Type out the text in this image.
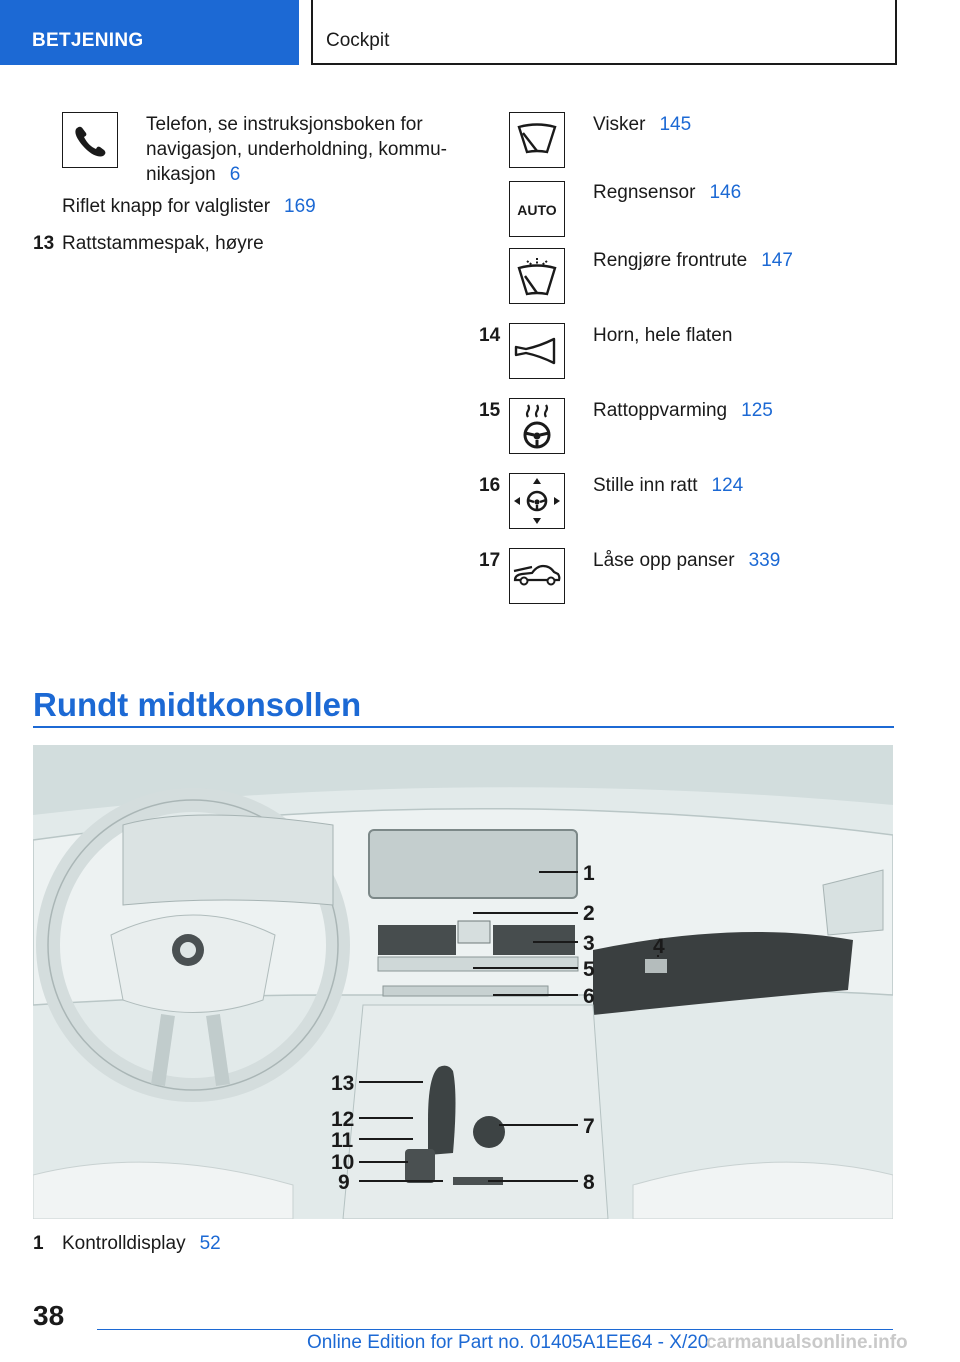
BETJENING	Cockpit
Telefon, se instruksjonsboken for
navigasjon, underholdning, kommu-
nikasjon 6
Riflet knapp for valglister 169
13 Rattstammespak, høyre
Visker 145
AUTO
Regnsensor 146
Rengjøre frontrute 147
14	Horn, hele flaten
15	Rattoppvarming 125
16	Stille inn ratt 124
17	Låse opp panser 339
Rundt midtkonsollen
1
2
3	4
5
6
7
8
9
10
11
12
13
1 Kontrolldisplay 52
38
Online Edition for Part no. 01405A1EE64 - X/20
carmanualsonline.info
